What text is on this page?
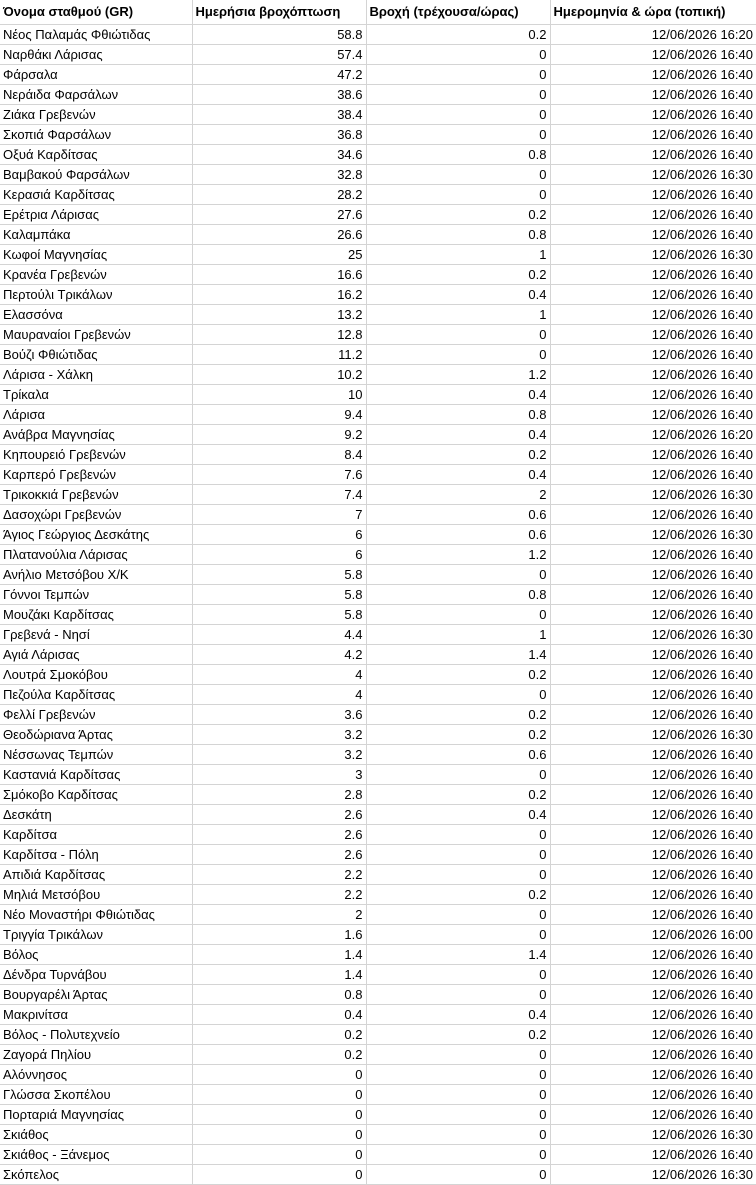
Όνομα σταθμού (GR)	Ημερήσια βροχόπτωση	Βροχή (τρέχουσα/ώρας)	Ημερομηνία & ώρα (τοπική)
Νέος Παλαμάς Φθιώτιδας	58.8	0.2	12/06/2026 16:20
Ναρθάκι Λάρισας	57.4	0	12/06/2026 16:40
Φάρσαλα	47.2	0	12/06/2026 16:40
Νεράιδα Φαρσάλων	38.6	0	12/06/2026 16:40
Ζιάκα Γρεβενών	38.4	0	12/06/2026 16:40
Σκοπιά Φαρσάλων	36.8	0	12/06/2026 16:40
Οξυά Καρδίτσας	34.6	0.8	12/06/2026 16:40
Βαμβακού Φαρσάλων	32.8	0	12/06/2026 16:30
Κερασιά Καρδίτσας	28.2	0	12/06/2026 16:40
Ερέτρια Λάρισας	27.6	0.2	12/06/2026 16:40
Καλαμπάκα	26.6	0.8	12/06/2026 16:40
Κωφοί Μαγνησίας	25	1	12/06/2026 16:30
Κρανέα Γρεβενών	16.6	0.2	12/06/2026 16:40
Περτούλι Τρικάλων	16.2	0.4	12/06/2026 16:40
Ελασσόνα	13.2	1	12/06/2026 16:40
Μαυραναίοι Γρεβενών	12.8	0	12/06/2026 16:40
Βούζι Φθιώτιδας	11.2	0	12/06/2026 16:40
Λάρισα - Χάλκη	10.2	1.2	12/06/2026 16:40
Τρίκαλα	10	0.4	12/06/2026 16:40
Λάρισα	9.4	0.8	12/06/2026 16:40
Ανάβρα Μαγνησίας	9.2	0.4	12/06/2026 16:20
Κηπουρειό Γρεβενών	8.4	0.2	12/06/2026 16:40
Καρπερό Γρεβενών	7.6	0.4	12/06/2026 16:40
Τρικοκκιά Γρεβενών	7.4	2	12/06/2026 16:30
Δασοχώρι Γρεβενών	7	0.6	12/06/2026 16:40
Άγιος Γεώργιος Δεσκάτης	6	0.6	12/06/2026 16:30
Πλατανούλια Λάρισας	6	1.2	12/06/2026 16:40
Ανήλιο Μετσόβου Χ/Κ	5.8	0	12/06/2026 16:40
Γόννοι Τεμπών	5.8	0.8	12/06/2026 16:40
Μουζάκι Καρδίτσας	5.8	0	12/06/2026 16:40
Γρεβενά - Νησί	4.4	1	12/06/2026 16:30
Αγιά Λάρισας	4.2	1.4	12/06/2026 16:40
Λουτρά Σμοκόβου	4	0.2	12/06/2026 16:40
Πεζούλα Καρδίτσας	4	0	12/06/2026 16:40
Φελλί Γρεβενών	3.6	0.2	12/06/2026 16:40
Θεοδώριανα Άρτας	3.2	0.2	12/06/2026 16:30
Νέσσωνας Τεμπών	3.2	0.6	12/06/2026 16:40
Καστανιά Καρδίτσας	3	0	12/06/2026 16:40
Σμόκοβο Καρδίτσας	2.8	0.2	12/06/2026 16:40
Δεσκάτη	2.6	0.4	12/06/2026 16:40
Καρδίτσα	2.6	0	12/06/2026 16:40
Καρδίτσα - Πόλη	2.6	0	12/06/2026 16:40
Απιδιά Καρδίτσας	2.2	0	12/06/2026 16:40
Μηλιά Μετσόβου	2.2	0.2	12/06/2026 16:40
Νέο Μοναστήρι Φθιώτιδας	2	0	12/06/2026 16:40
Τριγγία Τρικάλων	1.6	0	12/06/2026 16:00
Βόλος	1.4	1.4	12/06/2026 16:40
Δένδρα Τυρνάβου	1.4	0	12/06/2026 16:40
Βουργαρέλι Άρτας	0.8	0	12/06/2026 16:40
Μακρινίτσα	0.4	0.4	12/06/2026 16:40
Βόλος - Πολυτεχνείο	0.2	0.2	12/06/2026 16:40
Ζαγορά Πηλίου	0.2	0	12/06/2026 16:40
Αλόννησος	0	0	12/06/2026 16:40
Γλώσσα Σκοπέλου	0	0	12/06/2026 16:40
Πορταριά Μαγνησίας	0	0	12/06/2026 16:40
Σκιάθος	0	0	12/06/2026 16:30
Σκιάθος - Ξάνεμος	0	0	12/06/2026 16:40
Σκόπελος	0	0	12/06/2026 16:30
